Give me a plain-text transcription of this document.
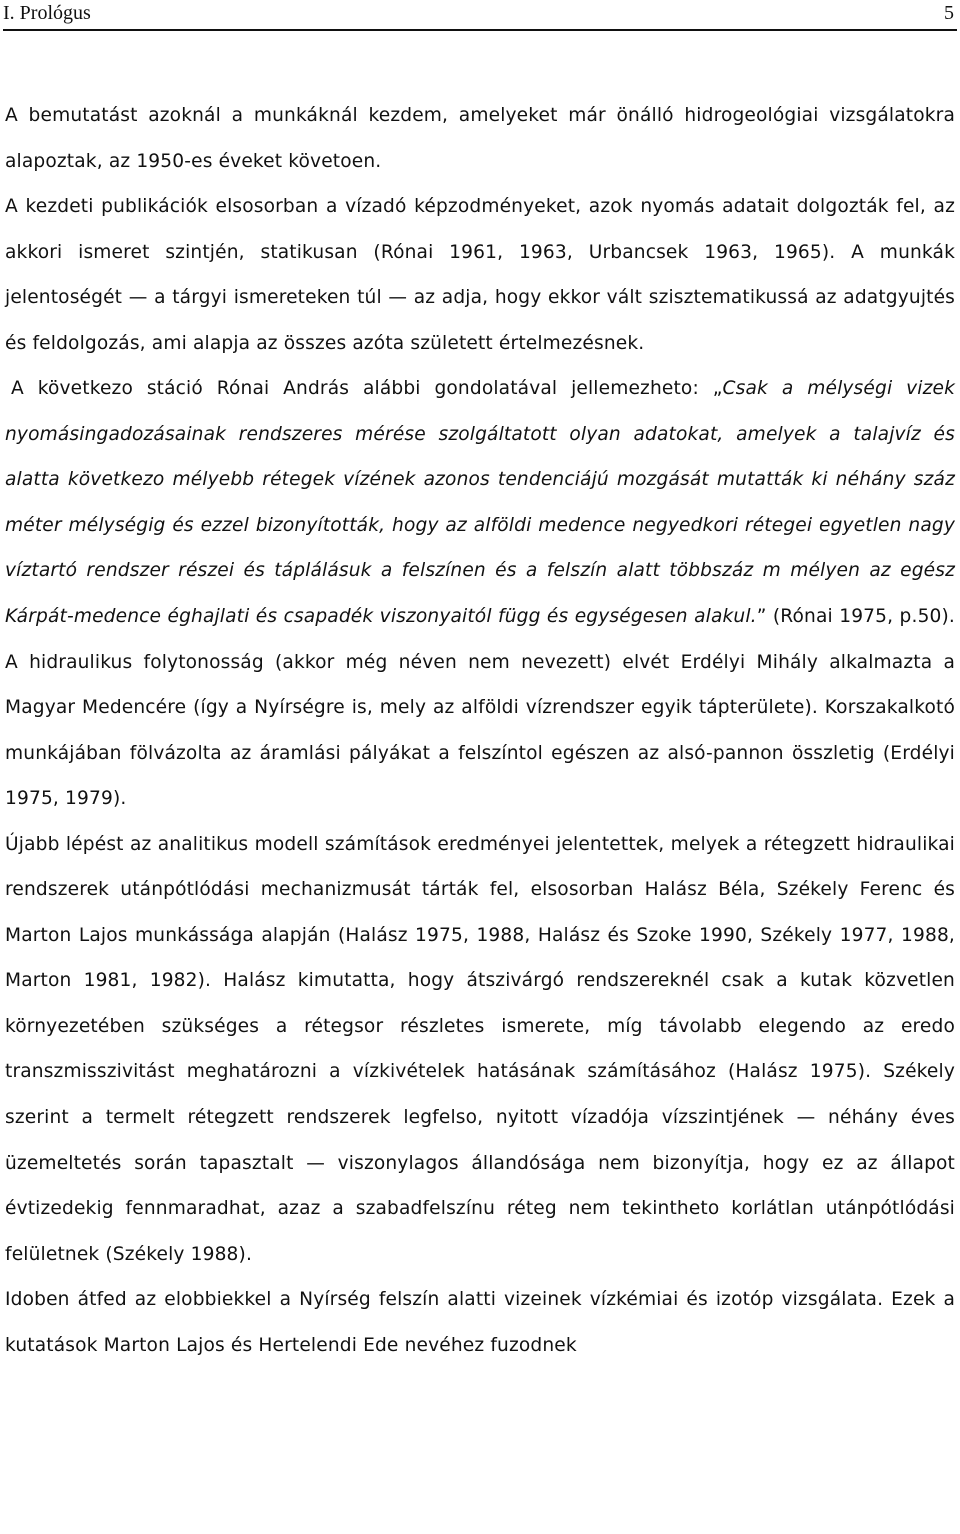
I. Prológus	5

A bemutatást azoknál a munkáknál kezdem, amelyeket már önálló hidrogeológiai vizsgálatokra alapoztak, az 1950-es éveket követoen.

A kezdeti publikációk elsosorban a vízadó képzodményeket, azok nyomás adatait dolgozták fel, az akkori ismeret szintjén, statikusan (Rónai 1961, 1963, Urbancsek 1963, 1965). A munkák jelentoségét — a tárgyi ismereteken túl — az adja, hogy ekkor vált szisztematikussá az adatgyujtés és feldolgozás, ami alapja az összes azóta született értelmezésnek.

A következo stáció Rónai András alábbi gondolatával jellemezheto: „Csak a mélységi vizek nyomásingadozásainak rendszeres mérése szolgáltatott olyan adatokat, amelyek a talajvíz és alatta következo mélyebb rétegek vízének azonos tendenciájú mozgását mutatták ki néhány száz méter mélységig és ezzel bizonyították, hogy az alföldi medence negyedkori rétegei egyetlen nagy víztartó rendszer részei és táplálásuk a felszínen és a felszín alatt többszáz m mélyen az egész Kárpát-medence éghajlati és csapadék viszonyaitól függ és egységesen alakul.” (Rónai 1975, p.50). A hidraulikus folytonosság (akkor még néven nem nevezett) elvét Erdélyi Mihály alkalmazta a Magyar Medencére (így a Nyírségre is, mely az alföldi vízrendszer egyik tápterülete). Korszakalkotó munkájában fölvázolta az áramlási pályákat a felszíntol egészen az alsó-pannon összletig (Erdélyi 1975, 1979).

Újabb lépést az analitikus modell számítások eredményei jelentettek, melyek a rétegzett hidraulikai rendszerek utánpótlódási mechanizmusát tárták fel, elsosorban Halász Béla, Székely Ferenc és Marton Lajos munkássága alapján (Halász 1975, 1988, Halász és Szoke 1990, Székely 1977, 1988, Marton 1981, 1982). Halász kimutatta, hogy átszivárgó rendszereknél csak a kutak közvetlen környezetében szükséges a rétegsor részletes ismerete, míg távolabb elegendo az eredo transzmisszivitást meghatározni a vízkivételek hatásának számításához (Halász 1975). Székely szerint a termelt rétegzett rendszerek legfelso, nyitott vízadója vízszintjének — néhány éves üzemeltetés során tapasztalt — viszonylagos állandósága nem bizonyítja, hogy ez az állapot évtizedekig fennmaradhat, azaz a szabadfelszínu réteg nem tekintheto korlátlan utánpótlódási felületnek (Székely 1988).

Idoben átfed az elobbiekkel a Nyírség felszín alatti vizeinek vízkémiai és izotóp vizsgálata. Ezek a kutatások Marton Lajos és Hertelendi Ede nevéhez fuzodnek
